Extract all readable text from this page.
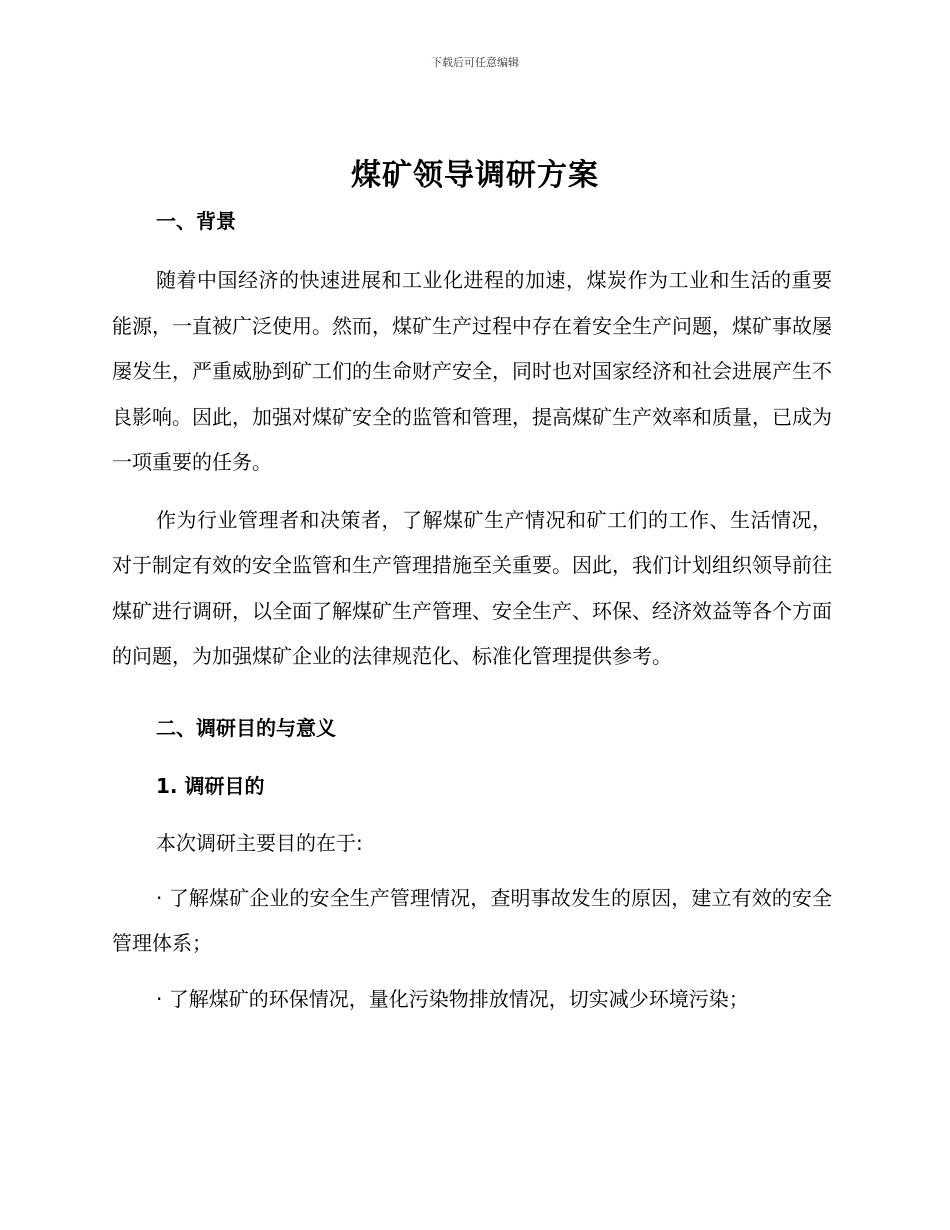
下载后可任意编辑
煤矿领导调研方案

一、背景

随着中国经济的快速进展和工业化进程的加速，煤炭作为工业和生活的重要能源，一直被广泛使用。然而，煤矿生产过程中存在着安全生产问题，煤矿事故屡屡发生，严重威胁到矿工们的生命财产安全，同时也对国家经济和社会进展产生不良影响。因此，加强对煤矿安全的监管和管理，提高煤矿生产效率和质量，已成为一项重要的任务。

作为行业管理者和决策者，了解煤矿生产情况和矿工们的工作、生活情况，对于制定有效的安全监管和生产管理措施至关重要。因此，我们计划组织领导前往煤矿进行调研，以全面了解煤矿生产管理、安全生产、环保、经济效益等各个方面的问题，为加强煤矿企业的法律规范化、标准化管理提供参考。

二、调研目的与意义

1. 调研目的

本次调研主要目的在于:

· 了解煤矿企业的安全生产管理情况，查明事故发生的原因，建立有效的安全管理体系；

· 了解煤矿的环保情况，量化污染物排放情况，切实减少环境污染；
